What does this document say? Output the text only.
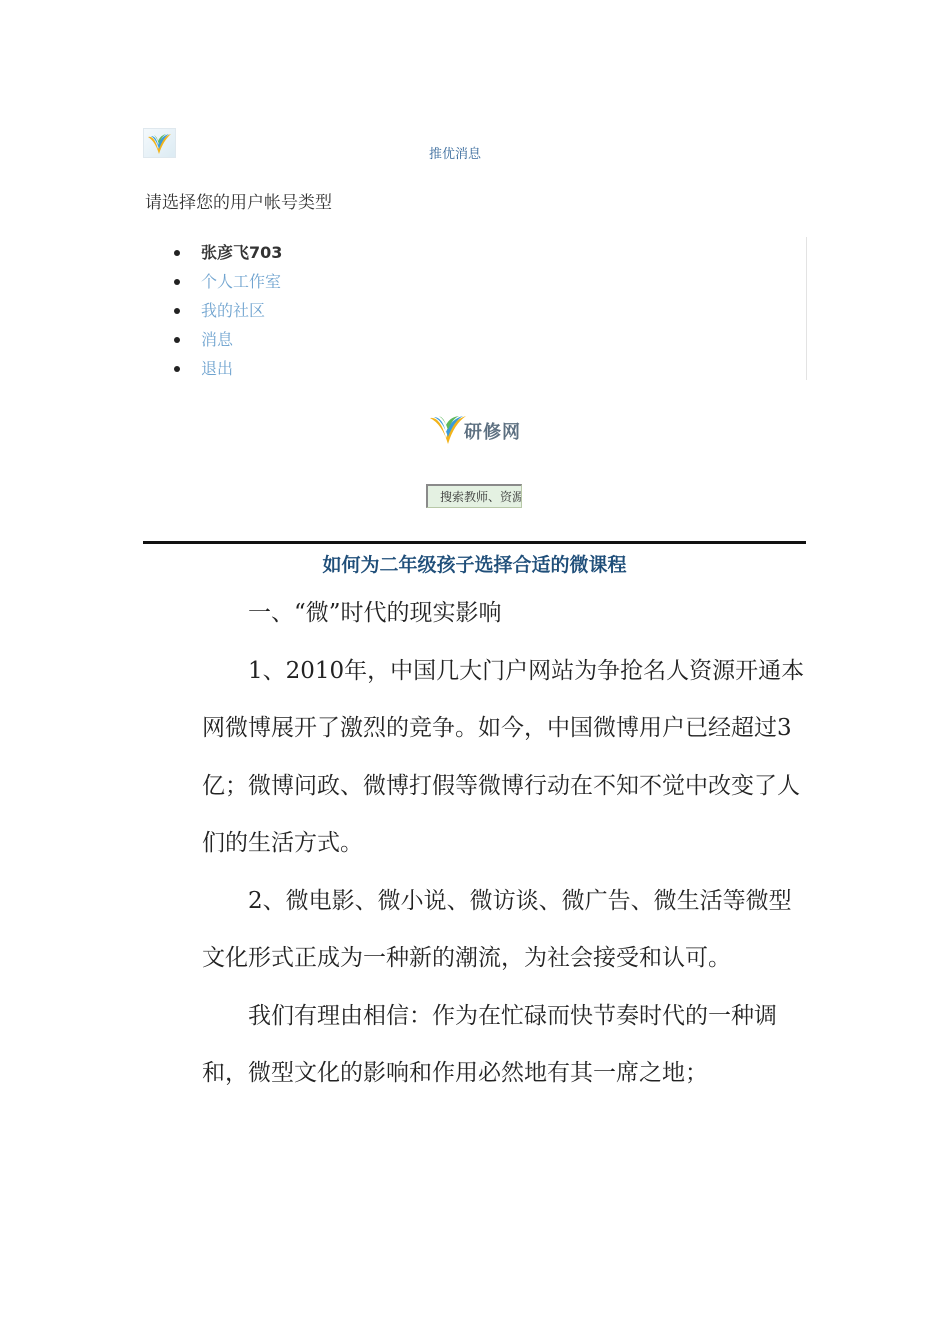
推优消息
请选择您的用户帐号类型
张彦飞703
个人工作室
我的社区
消息
退出
研修网
搜索教师、资源
如何为二年级孩子选择合适的微课程

一、“微”时代的现实影响

1、2010年，中国几大门户网站为争抢名人资源开通本网微博展开了激烈的竞争。如今，中国微博用户已经超过3亿；微博问政、微博打假等微博行动在不知不觉中改变了人们的生活方式。

2、微电影、微小说、微访谈、微广告、微生活等微型文化形式正成为一种新的潮流，为社会接受和认可。

我们有理由相信：作为在忙碌而快节奏时代的一种调和，微型文化的影响和作用必然地有其一席之地；
